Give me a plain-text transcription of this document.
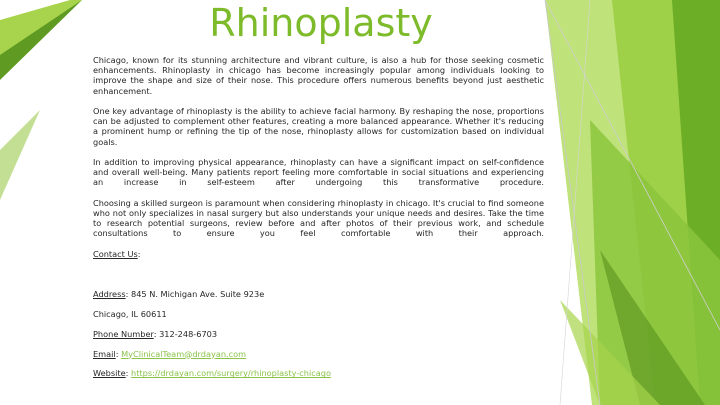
Rhinoplasty

Chicago, known for its stunning architecture and vibrant culture, is also a hub for those seeking cosmetic enhancements. Rhinoplasty in chicago has become increasingly popular among individuals looking to improve the shape and size of their nose. This procedure offers numerous benefits beyond just aesthetic enhancement.

One key advantage of rhinoplasty is the ability to achieve facial harmony. By reshaping the nose, proportions can be adjusted to complement other features, creating a more balanced appearance. Whether it's reducing a prominent hump or refining the tip of the nose, rhinoplasty allows for customization based on individual goals.

In addition to improving physical appearance, rhinoplasty can have a significant impact on self-confidence and overall well-being. Many patients report feeling more comfortable in social situations and experiencing an increase in self-esteem after undergoing this transformative procedure.

Choosing a skilled surgeon is paramount when considering rhinoplasty in chicago. It's crucial to find someone who not only specializes in nasal surgery but also understands your unique needs and desires. Take the time to research potential surgeons, review before and after photos of their previous work, and schedule consultations to ensure you feel comfortable with their approach.

Contact Us:

Address: 845 N. Michigan Ave. Suite 923e

Chicago, IL 60611

Phone Number: 312-248-6703

Email: MyClinicalTeam@drdayan.com

Website: https://drdayan.com/surgery/rhinoplasty-chicago
